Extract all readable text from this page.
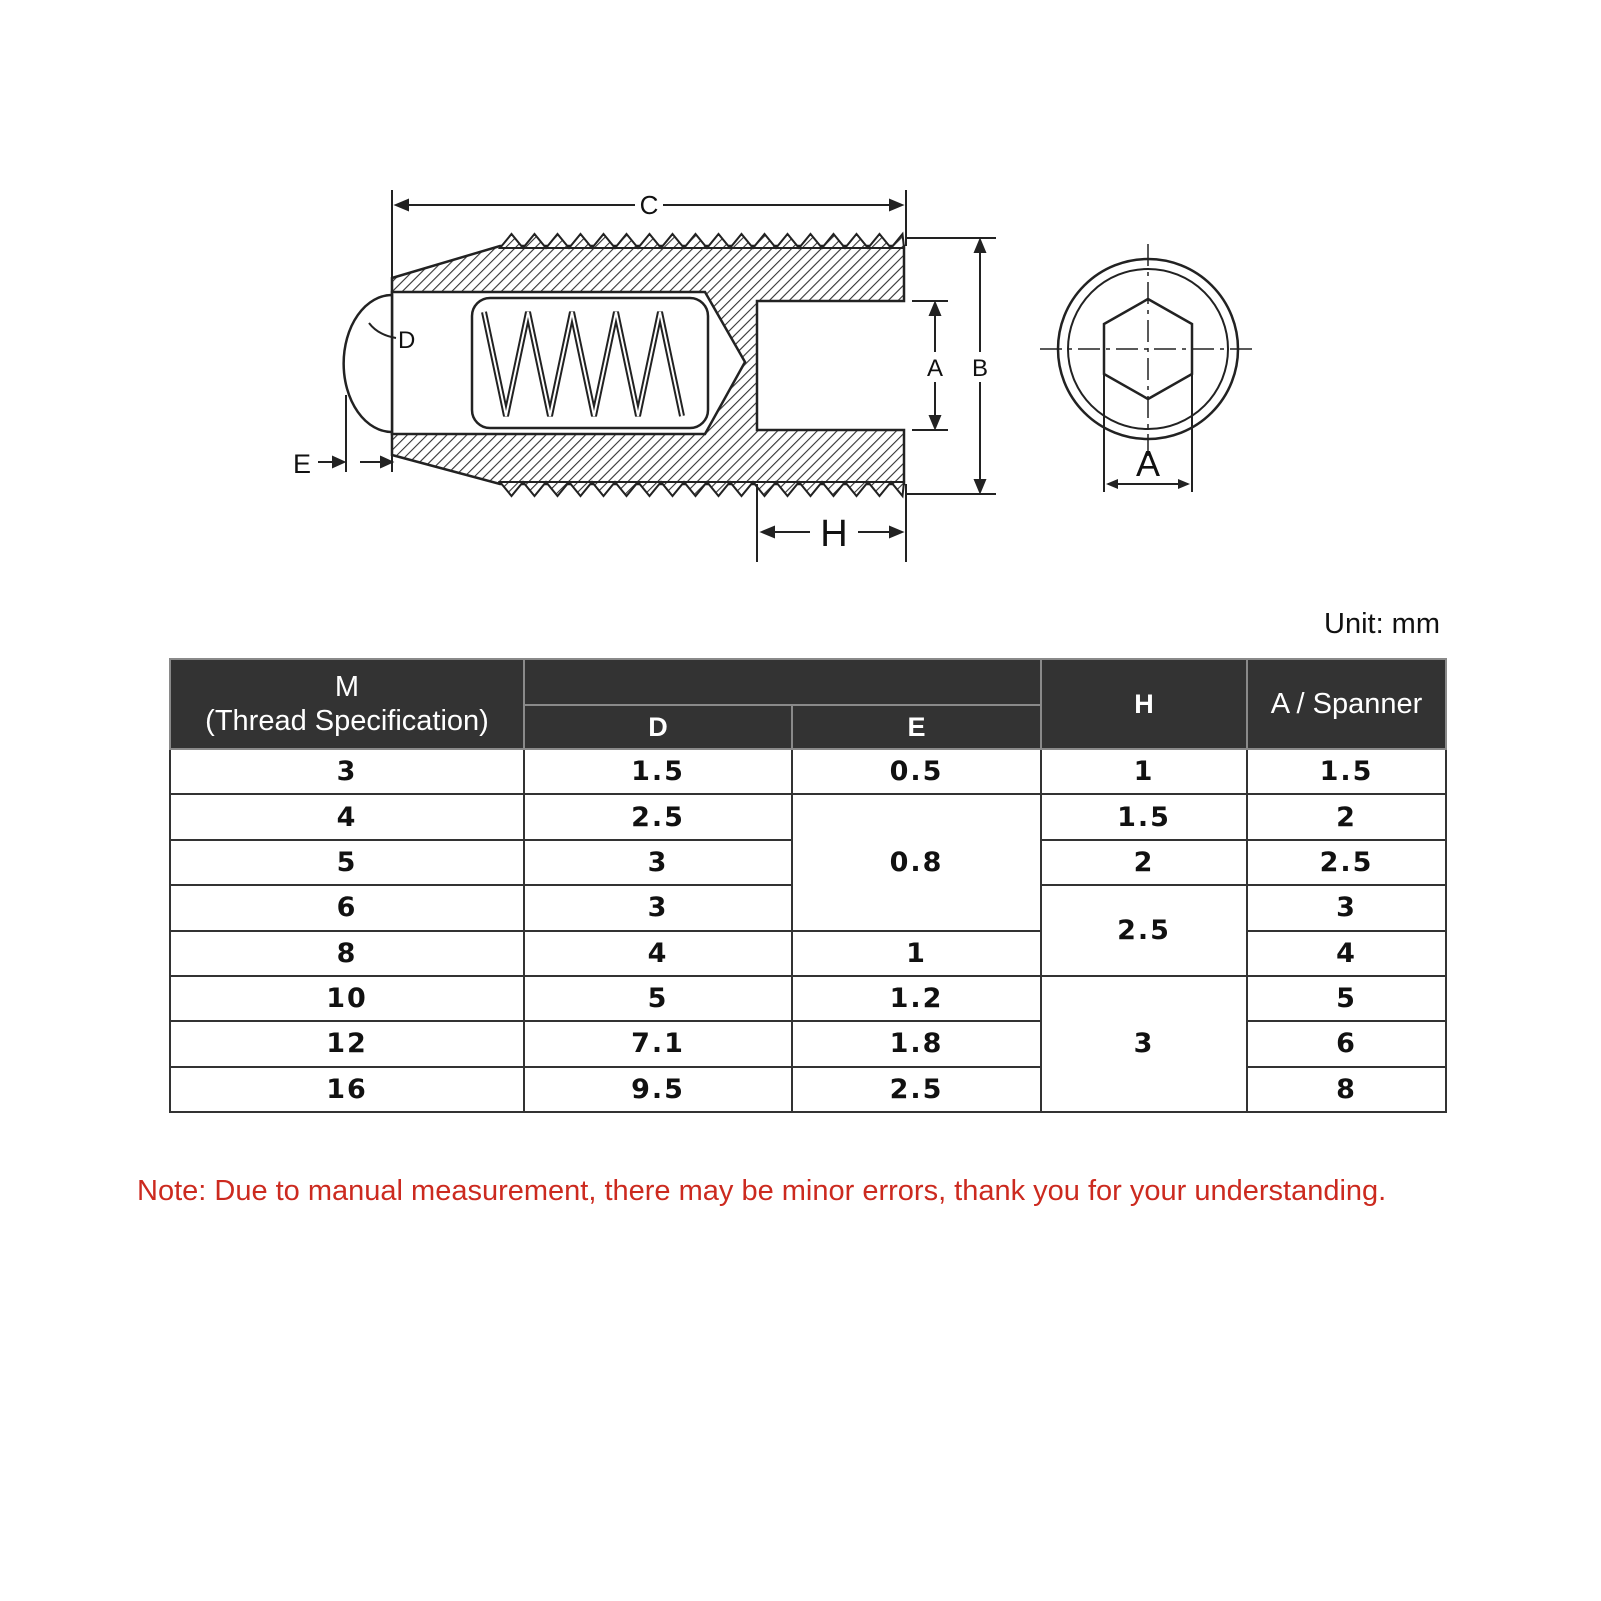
C
D
E
A B
H
A
Unit: mm
M
(Thread Specification)			H	A / Spanner
	D	E		
3	1.5	0.5	1	1.5
4	2.5	0.8	1.5	2
5	3		2	2.5
6	3		2.5	3
8	4	1		4
10	5	1.2	3	5
12	7.1	1.8		6
16	9.5	2.5		8
Note: Due to manual measurement, there may be minor errors, thank you for your understanding.
